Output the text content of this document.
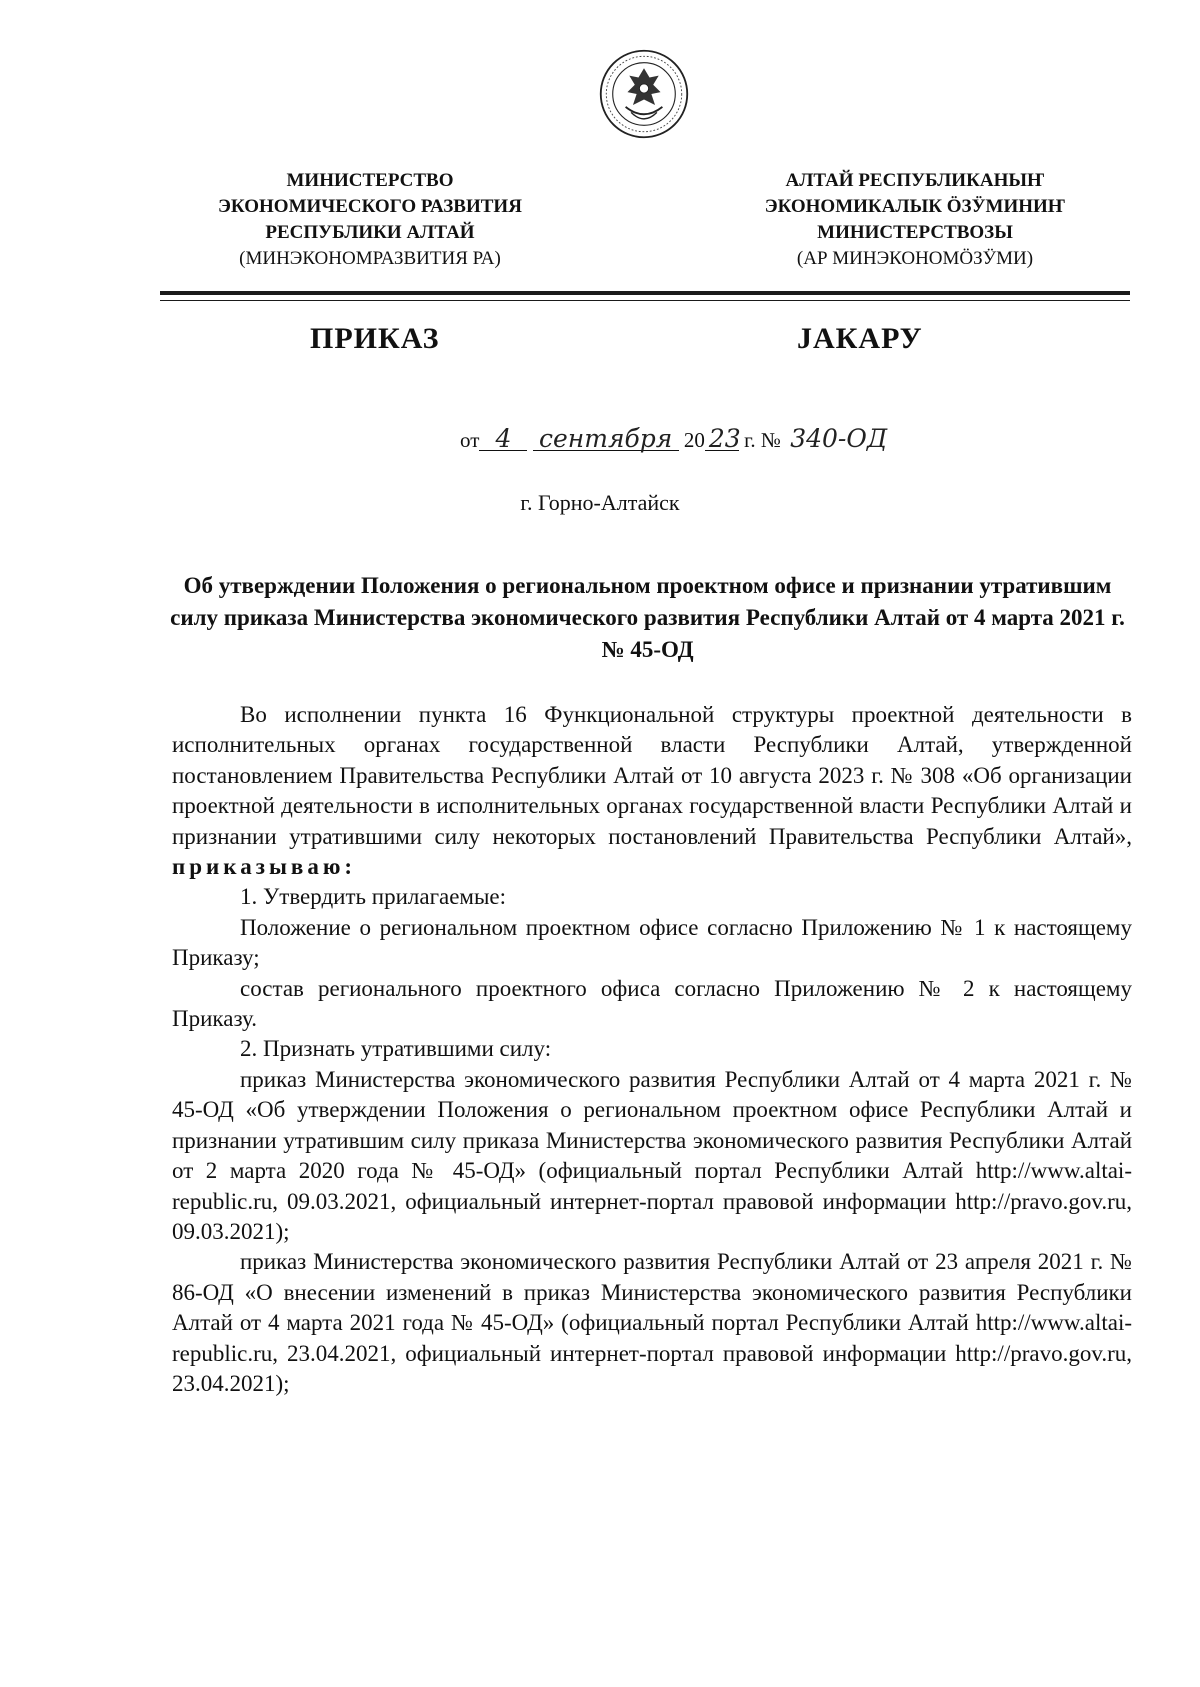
МИНИСТЕРСТВО
ЭКОНОМИЧЕСКОГО РАЗВИТИЯ
РЕСПУБЛИКИ АЛТАЙ
(МИНЭКОНОМРАЗВИТИЯ РА)
АЛТАЙ РЕСПУБЛИКАНЫҤ
ЭКОНОМИКАЛЫК ӦЗӰМИНИҤ
МИНИСТЕРСТВОЗЫ
(АР МИНЭКОНОМӦЗӰМИ)
ПРИКАЗ	ЈАКАРУ
от 4 сентября 20 23 г. № 340-ОД
г. Горно-Алтайск
Об утверждении Положения о региональном проектном офисе и признании утратившим силу приказа Министерства экономического развития Республики Алтай от 4 марта 2021 г. № 45-ОД

Во исполнении пункта 16 Функциональной структуры проектной деятельности в исполнительных органах государственной власти Республики Алтай, утвержденной постановлением Правительства Республики Алтай от 10 августа 2023 г. № 308 «Об организации проектной деятельности в исполнительных органах государственной власти Республики Алтай и признании утратившими силу некоторых постановлений Правительства Республики Алтай», приказываю:

1. Утвердить прилагаемые:

Положение о региональном проектном офисе согласно Приложению № 1 к настоящему Приказу;

состав регионального проектного офиса согласно Приложению № 2 к настоящему Приказу.

2. Признать утратившими силу:

приказ Министерства экономического развития Республики Алтай от 4 марта 2021 г. № 45-ОД «Об утверждении Положения о региональном проектном офисе Республики Алтай и признании утратившим силу приказа Министерства экономического развития Республики Алтай от 2 марта 2020 года № 45-ОД» (официальный портал Республики Алтай http://www.altai-republic.ru, 09.03.2021, официальный интернет-портал правовой информации http://pravo.gov.ru, 09.03.2021);

приказ Министерства экономического развития Республики Алтай от 23 апреля 2021 г. № 86-ОД «О внесении изменений в приказ Министерства экономического развития Республики Алтай от 4 марта 2021 года № 45-ОД» (официальный портал Республики Алтай http://www.altai-republic.ru, 23.04.2021, официальный интернет-портал правовой информации http://pravo.gov.ru, 23.04.2021);
